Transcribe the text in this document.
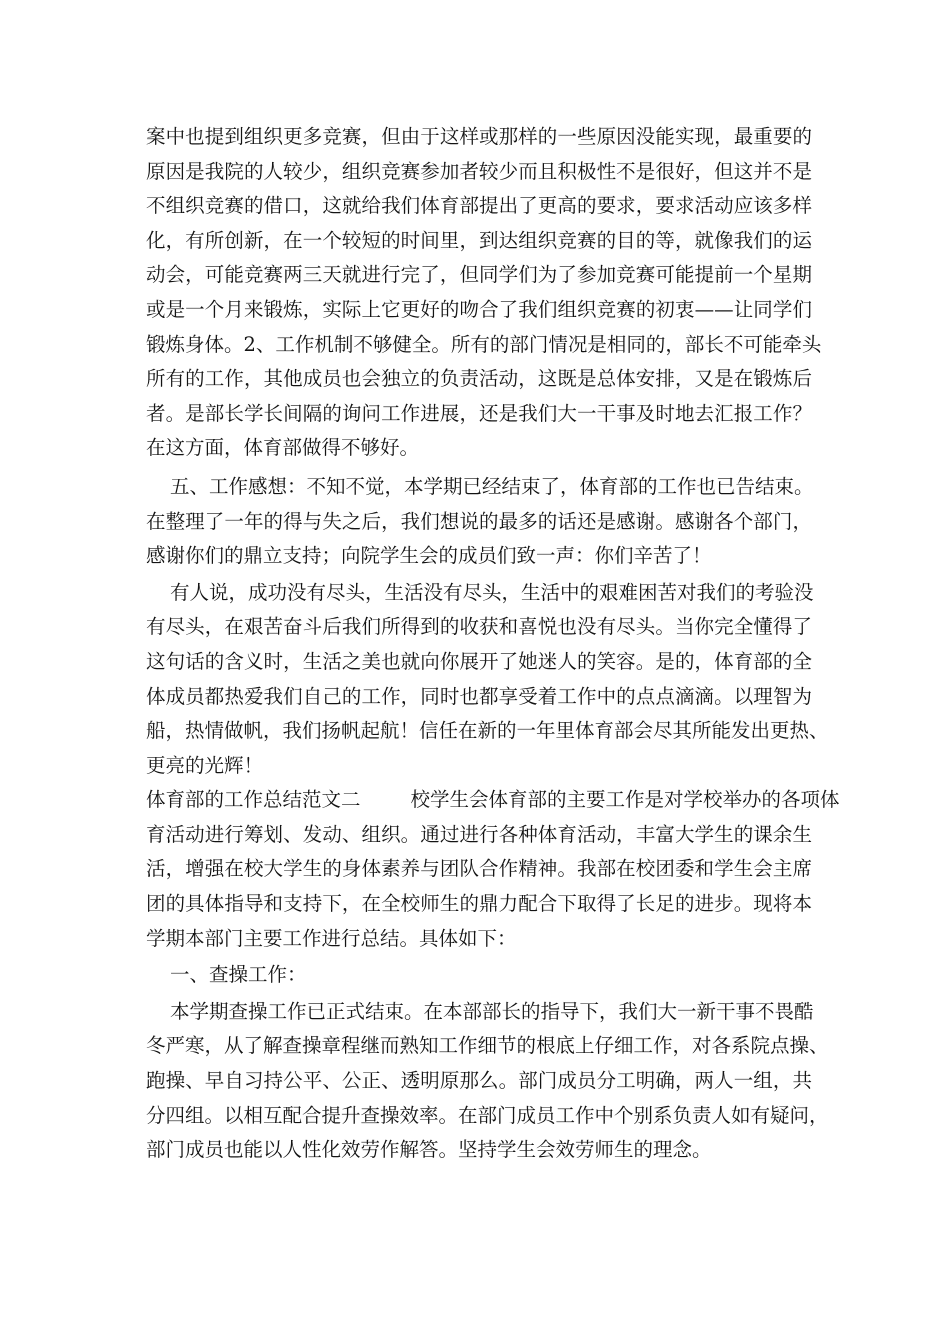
案中也提到组织更多竞赛，但由于这样或那样的一些原因没能实现，最重要的
原因是我院的人较少，组织竞赛参加者较少而且积极性不是很好，但这并不是
不组织竞赛的借口，这就给我们体育部提出了更高的要求，要求活动应该多样
化，有所创新，在一个较短的时间里，到达组织竞赛的目的等，就像我们的运
动会，可能竞赛两三天就进行完了，但同学们为了参加竞赛可能提前一个星期
或是一个月来锻炼，实际上它更好的吻合了我们组织竞赛的初衷——让同学们
锻炼身体。2、工作机制不够健全。所有的部门情况是相同的，部长不可能牵头
所有的工作，其他成员也会独立的负责活动，这既是总体安排，又是在锻炼后
者。是部长学长间隔的询问工作进展，还是我们大一干事及时地去汇报工作？
在这方面，体育部做得不够好。
五、工作感想：不知不觉，本学期已经结束了，体育部的工作也已告结束。
在整理了一年的得与失之后，我们想说的最多的话还是感谢。感谢各个部门，
感谢你们的鼎立支持；向院学生会的成员们致一声：你们辛苦了！
有人说，成功没有尽头，生活没有尽头，生活中的艰难困苦对我们的考验没
有尽头，在艰苦奋斗后我们所得到的收获和喜悦也没有尽头。当你完全懂得了
这句话的含义时，生活之美也就向你展开了她迷人的笑容。是的，体育部的全
体成员都热爱我们自己的工作，同时也都享受着工作中的点点滴滴。以理智为
船，热情做帆，我们扬帆起航！信任在新的一年里体育部会尽其所能发出更热、
更亮的光辉！
体育部的工作总结范文二	校学生会体育部的主要工作是对学校举办的各项体
育活动进行筹划、发动、组织。通过进行各种体育活动，丰富大学生的课余生
活，增强在校大学生的身体素养与团队合作精神。我部在校团委和学生会主席
团的具体指导和支持下，在全校师生的鼎力配合下取得了长足的进步。现将本
学期本部门主要工作进行总结。具体如下：
一、查操工作：
本学期查操工作已正式结束。在本部部长的指导下，我们大一新干事不畏酷
冬严寒，从了解查操章程继而熟知工作细节的根底上仔细工作，对各系院点操、
跑操、早自习持公平、公正、透明原那么。部门成员分工明确，两人一组，共
分四组。以相互配合提升查操效率。在部门成员工作中个别系负责人如有疑问，
部门成员也能以人性化效劳作解答。坚持学生会效劳师生的理念。
